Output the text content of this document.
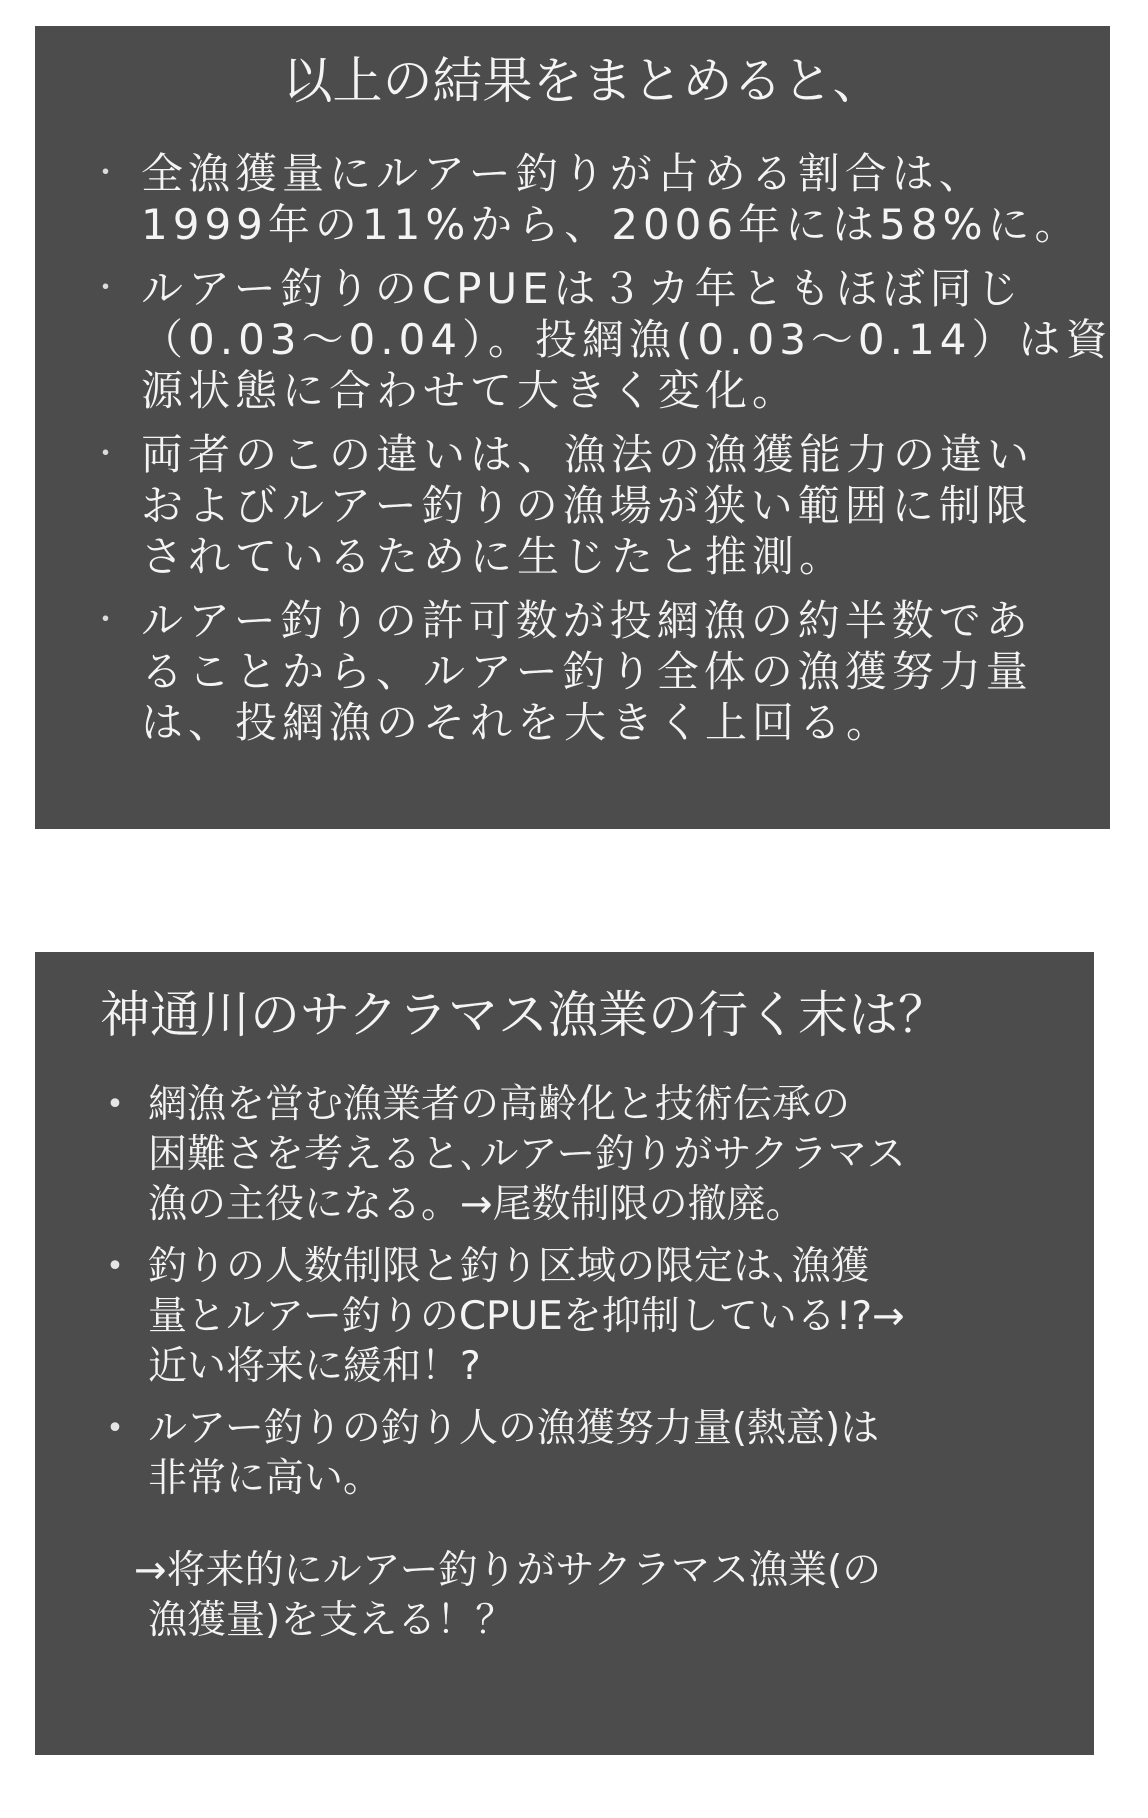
以上の結果をまとめると、
･ 全漁獲量にルアー釣りが占める割合は、
1999年の11%から、2006年には58%に。
･ ルアー釣りのCPUEは３カ年ともほぼ同じ
（0.03〜0.04）。投網漁(0.03〜0.14）は資
源状態に合わせて大きく変化。
･ 両者のこの違いは、漁法の漁獲能力の違い
およびルアー釣りの漁場が狭い範囲に制限
されているために生じたと推測。
･ ルアー釣りの許可数が投網漁の約半数であ
ることから、ルアー釣り全体の漁獲努力量
は、投網漁のそれを大きく上回る。
神通川のサクラマス漁業の行く末は？
• 網漁を営む漁業者の高齢化と技術伝承の
困難さを考えると､ルアー釣りがサクラマス
漁の主役になる。→尾数制限の撤廃。
• 釣りの人数制限と釣り区域の限定は､漁獲
量とルアー釣りのCPUEを抑制している!?→
近い将来に緩和！?
• ルアー釣りの釣り人の漁獲努力量(熱意)は
非常に高い。
→将来的にルアー釣りがサクラマス漁業(の
漁獲量)を支える！？
